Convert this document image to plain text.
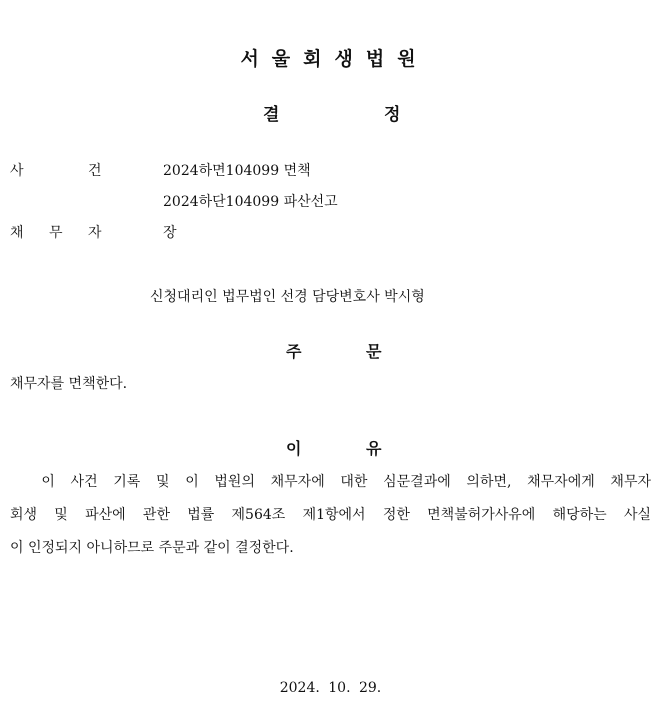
서울회생법원
결	정
사	건	2024하면104099 면책
2024하단104099 파산선고
채 무 자	장
신청대리인 법무법인 선경 담당변호사 박시형
주	문
채무자를 면책한다.
이	유
이 사건 기록 및 이 법원의 채무자에 대한 심문결과에 의하면, 채무자에게 채무자
회생 및 파산에 관한 법률 제564조 제1항에서 정한 면책불허가사유에 해당하는 사실
이 인정되지 아니하므로 주문과 같이 결정한다.
2024. 10. 29.
